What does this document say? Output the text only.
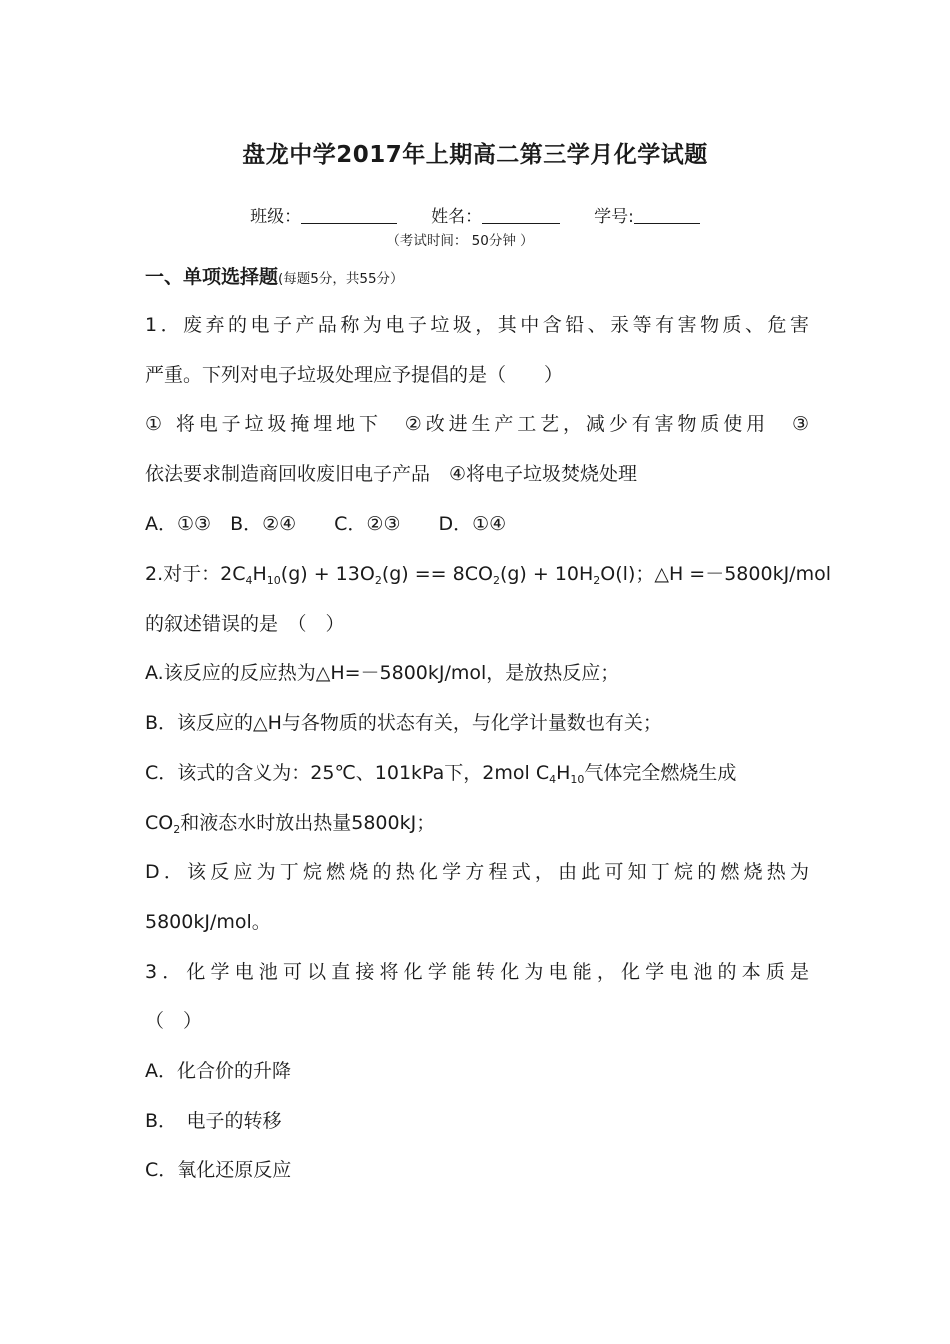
盘龙中学2017年上期高二第三学月化学试题
班级：　　	姓名：　　	学号:
（考试时间： 50分钟 ）
一、单项选择题(每题5分，共55分）
1．废弃的电子产品称为电子垃圾，其中含铅、汞等有害物质、危害
严重。下列对电子垃圾处理应予提倡的是（　　）
① 将电子垃圾掩埋地下　②改进生产工艺，减少有害物质使用　③
依法要求制造商回收废旧电子产品　④将电子垃圾焚烧处理
A．①③　B．②④　　C．②③　　D．①④
2.对于：$2C_4H_{10}(g) + 13O_2(g) == 8CO_2(g) + 10H_2O(l)$；△H =－5800kJ/mol
的叙述错误的是　（　）
A.该反应的反应热为△H=－5800kJ/mol，是放热反应；
B．该反应的△H与各物质的状态有关，与化学计量数也有关；
C．该式的含义为：25℃、101kPa下，2mol $C_4H_{10}$气体完全燃烧生成
$CO_2$和液态水时放出热量5800kJ；
D．该反应为丁烷燃烧的热化学方程式，由此可知丁烷的燃烧热为
5800kJ/mol。
3．化学电池可以直接将化学能转化为电能，化学电池的本质是
（　）
A．化合价的升降
B．　电子的转移
C．氧化还原反应
